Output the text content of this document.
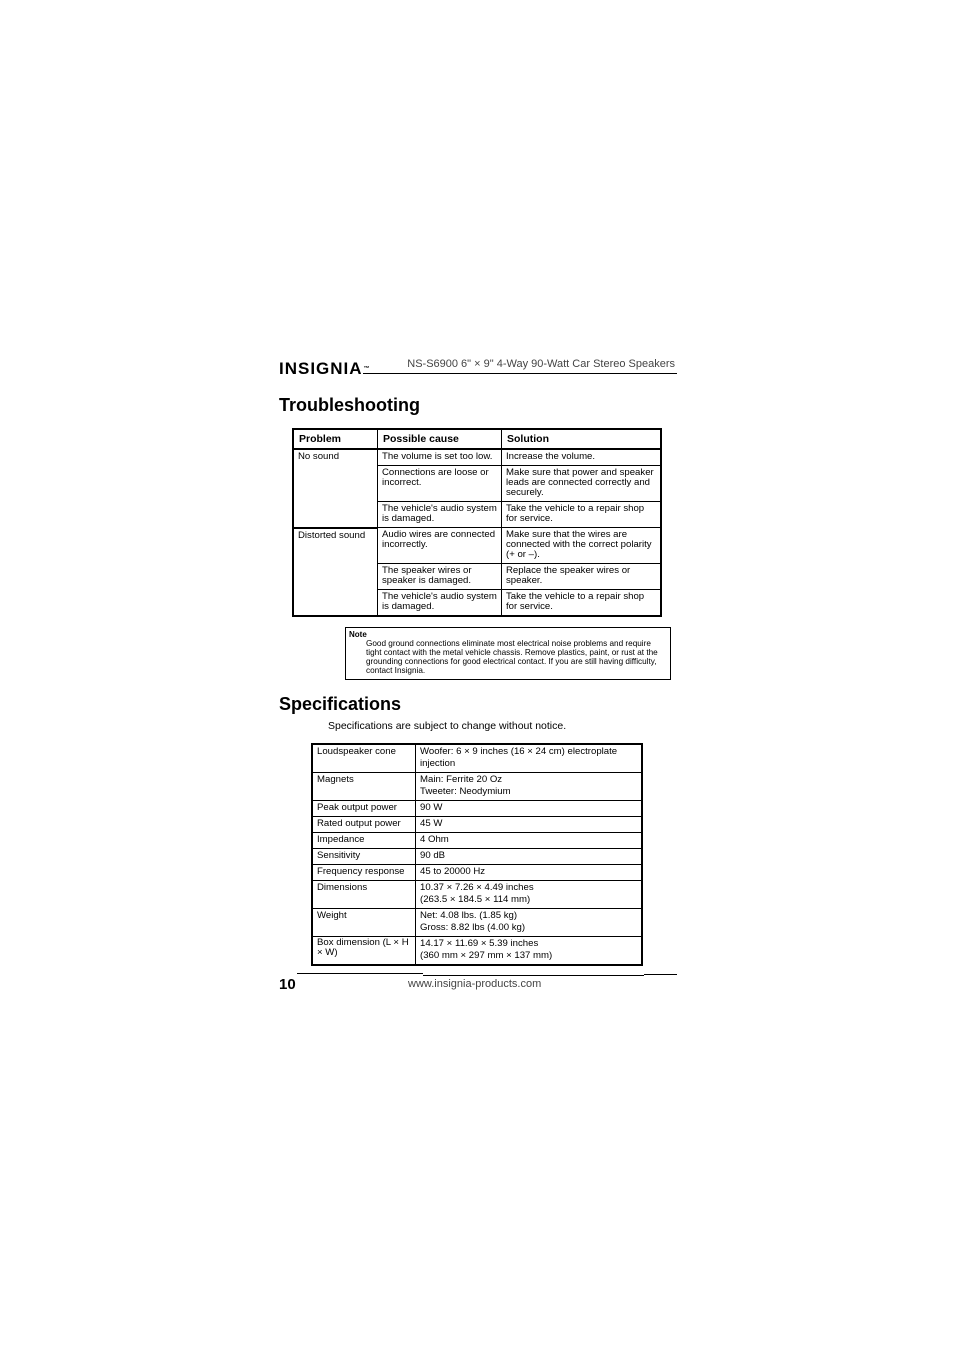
INSIGNIA™	NS-S6900 6" × 9" 4-Way 90-Watt Car Stereo Speakers
Troubleshooting
Problem	Possible cause	Solution
No sound	The volume is set too low.	Increase the volume.
	Connections are loose or incorrect.	Make sure that power and speaker leads are connected correctly and securely.
	The vehicle's audio system is damaged.	Take the vehicle to a repair shop for service.
Distorted sound	Audio wires are connected incorrectly.	Make sure that the wires are connected with the correct polarity (+ or –).
	The speaker wires or speaker is damaged.	Replace the speaker wires or speaker.
	The vehicle's audio system is damaged.	Take the vehicle to a repair shop for service.
Note
Good ground connections eliminate most electrical noise problems and require tight contact with the metal vehicle chassis. Remove plastics, paint, or rust at the grounding connections for good electrical contact. If you are still having difficulty, contact Insignia.
Specifications
Specifications are subject to change without notice.
Loudspeaker cone	Woofer: 6 × 9 inches (16 × 24 cm) electroplate injection

Magnets	Main: Ferrite 20 Oz
Tweeter: Neodymium

Peak output power	90 W

Rated output power	45 W

Impedance	4 Ohm

Sensitivity	90 dB

Frequency response	45 to 20000 Hz

Dimensions	10.37 × 7.26 × 4.49 inches
(263.5 × 184.5 × 114 mm)

Weight	Net: 4.08 lbs. (1.85 kg)
Gross: 8.82 lbs (4.00 kg)

Box dimension (L × H × W)	14.17 × 11.69 × 5.39 inches
(360 mm × 297 mm × 137 mm)
10	www.insignia-products.com
